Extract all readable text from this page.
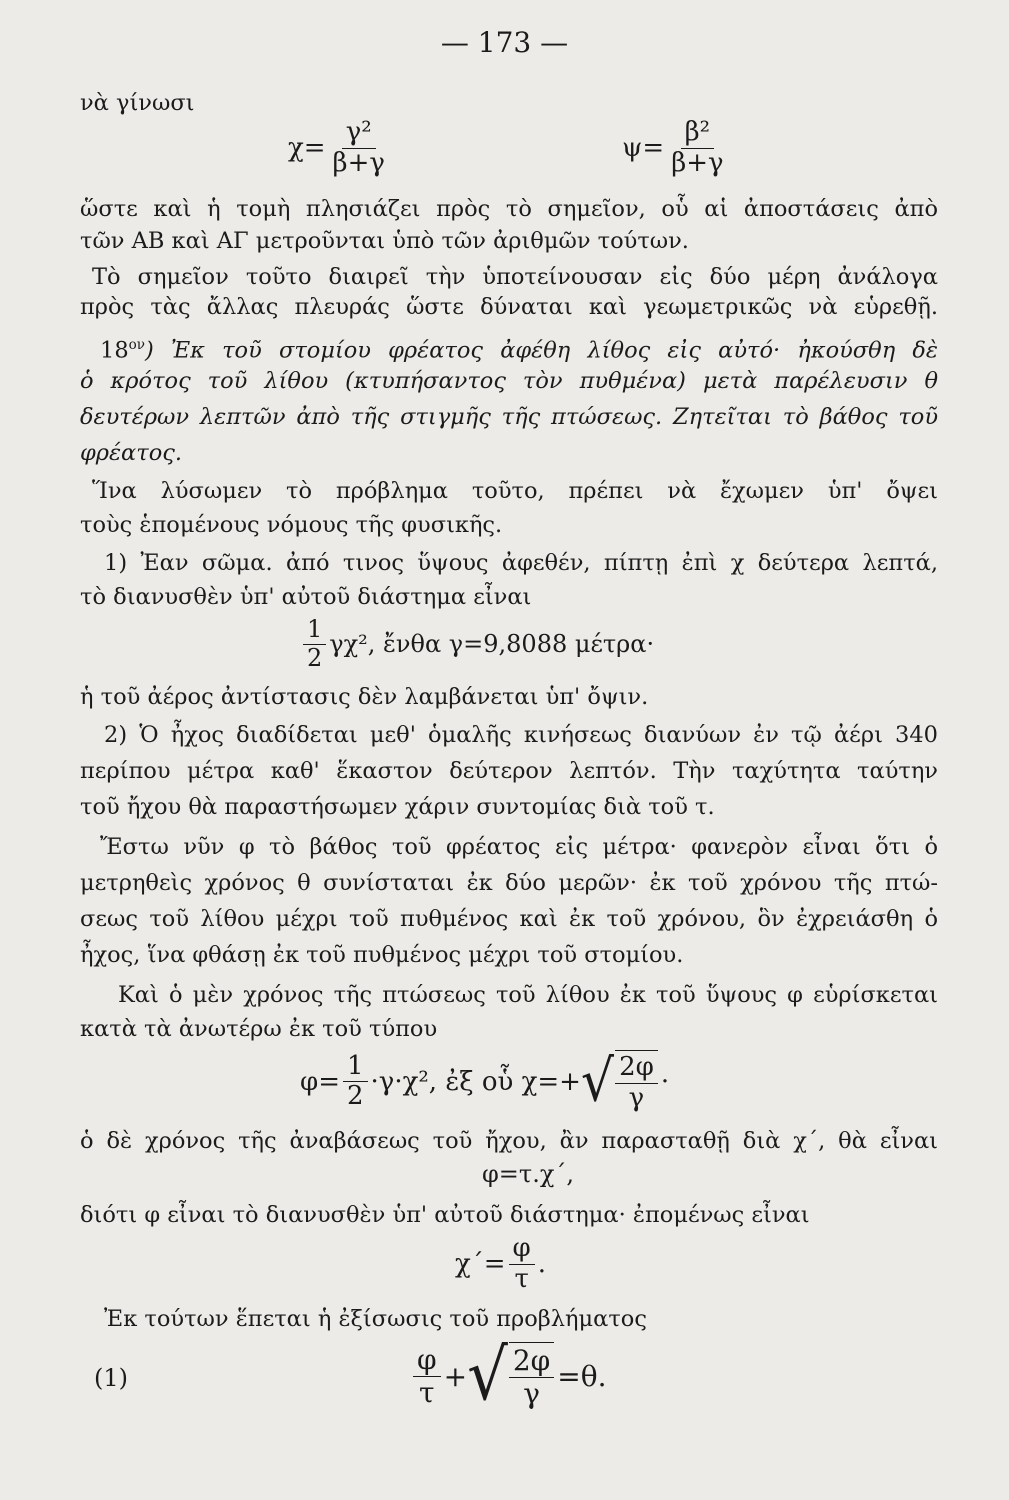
— 173 —
νὰ γίνωσι
$\chi= \frac{\text{γ²}}{\beta+\gamma}$	$\psi= \frac{\text{β²}}{\beta+\gamma}$
ὥστε καὶ ἡ τομὴ πλησιάζει πρὸς τὸ σημεῖον, οὗ αἱ ἀποστάσεις ἀπὸ
τῶν ΑΒ καὶ ΑΓ μετροῦνται ὑπὸ τῶν ἀριθμῶν τούτων.
Τὸ σημεῖον τοῦτο διαιρεῖ τὴν ὑποτείνουσαν εἰς δύο μέρη ἀνάλογα
πρὸς τὰς ἄλλας πλευράς ὥστε δύναται καὶ γεωμετρικῶς νὰ εὑρεθῇ.
$18^{o\nu}$) Ἐκ τοῦ στομίου φρέατος ἀφέθη λίθος εἰς αὐτό· ἠκούσθη δὲ
ὁ κρότος τοῦ λίθου (κτυπήσαντος τὸν πυθμένα) μετὰ παρέλευσιν θ
δευτέρων λεπτῶν ἀπὸ τῆς στιγμῆς τῆς πτώσεως. Ζητεῖται τὸ βάθος τοῦ
φρέατος.
Ἵνα λύσωμεν τὸ πρόβλημα τοῦτο, πρέπει νὰ ἔχωμεν ὑπ' ὄψει
τοὺς ἑπομένους νόμους τῆς φυσικῆς.
1) Ἐαν σῶμα. ἀπό τινος ὕψους ἀφεθέν, πίπτῃ ἐπὶ χ δεύτερα λεπτά,
τὸ διανυσθὲν ὑπ' αὐτοῦ διάστημα εἶναι
$\frac{1}{2} \gamma\chi^2$, ἔνθα γ=9,8088 μέτρα·
ἡ τοῦ ἀέρος ἀντίστασις δὲν λαμβάνεται ὑπ' ὄψιν.
2) Ὁ ἦχος διαδίδεται μεθ' ὁμαλῆς κινήσεως διανύων ἐν τῷ ἀέρι 340
περίπου μέτρα καθ' ἕκαστον δεύτερον λεπτόν. Τὴν ταχύτητα ταύτην
τοῦ ἤχου θὰ παραστήσωμεν χάριν συντομίας διὰ τοῦ τ.
Ἔστω νῦν φ τὸ βάθος τοῦ φρέατος εἰς μέτρα· φανερὸν εἶναι ὅτι ὁ
μετρηθεὶς χρόνος θ συνίσταται ἐκ δύο μερῶν· ἐκ τοῦ χρόνου τῆς πτώ-
σεως τοῦ λίθου μέχρι τοῦ πυθμένος καὶ ἐκ τοῦ χρόνου, ὃν ἐχρειάσθη ὁ
ἦχος, ἵνα φθάσῃ ἐκ τοῦ πυθμένος μέχρι τοῦ στομίου.
Καὶ ὁ μὲν χρόνος τῆς πτώσεως τοῦ λίθου ἐκ τοῦ ὕψους φ εὑρίσκεται
κατὰ τὰ ἀνωτέρω ἐκ τοῦ τύπου
$\varphi= \frac{1}{2} \cdot\gamma\cdot\chi^2$, ἐξ οὗ χ=+ √ $\frac{2\varphi}{\gamma}$ ·
ὁ δὲ χρόνος τῆς ἀναβάσεως τοῦ ἤχου, ἂν παρασταθῇ διὰ χ΄, θὰ εἶναι
φ=τ.χ΄,
διότι φ εἶναι τὸ διανυσθὲν ὑπ' αὐτοῦ διάστημα· ἐπομένως εἶναι
$\chi΄= \frac{\varphi}{\tau}$ .
Ἐκ τούτων ἕπεται ἡ ἐξίσωσις τοῦ προβλήματος
(1)	$\frac{\varphi}{\tau}$ + √ $\frac{2\varphi}{\gamma} =\theta$.
